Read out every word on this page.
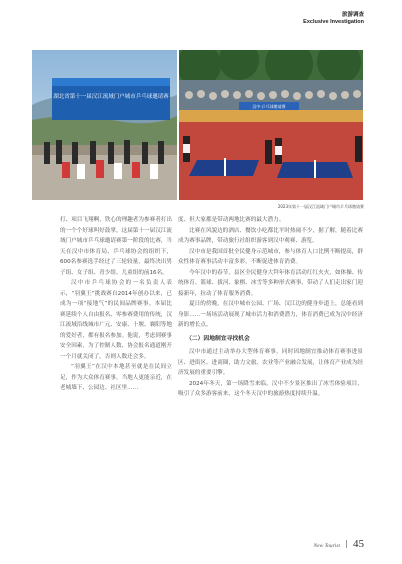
旅游调查
Exclusive Investigation
湖北省第十一届汉江流域门户城市乒乓球邀请赛
汉中·乒乓球邀请赛
2023年第十一届汉江流域门户城市乒乓球邀请赛

打、项目飞翔啊，铁心的理趣者为参赛者打出的一个个好球叫好鼓掌。这届第十一届汉江流域门户城市乒乓球邀请赛第一阶段的比赛，当天在汉中市体育局、乒乓球协会的组织下，600名参赛选手经过了三轮较量，最终决出男子组、女子组、青少组、儿童组的前16名。

汉中市乒乓球协会的一名负责人表示，“羽翼王”挑战赛自2014年创办以来，已成为一项“接地气”的民间品牌赛事。本届比赛延续个人自由报名、零参赛费用的传统，汉江流域沿线城市广元、安康、十堰、襄阳等地的爱好者，都有报名参加。他说，考虑到赛事安全因素，为了控制人数，协会报名通道刚开一个月就关闭了，否则人数还会多。

“羽翼王”在汉中本地甚至就是在民间立足，作为大众体育赛事，当地人更能亲近，在老城墙下、公园边、社区里……

度、但大家都是带动两地比赛的最大潜力。

比赛在风貌边的酒店、餐饮小吃都比平时热闹不少，据了解，随着比赛成为赛事品牌，带动旅行社组织游客到汉中观赛、游览。

汉中市是我国首批全民健身示范城市，参与体育人口比例不断提高，群众性体育赛事活动丰富多彩，不断促进体育消费。

今年汉中的春节，县区全民健身大拜年体育活动红红火火，如体操、传统体育、篮球、拔河、象棋、冰雪等多种形式赛事，带动了人们走出家门迎接新年，拉动了体育服务消费。

夏日的傍晚，在汉中城市公园、广场、汉江边的健身步道上，总能看到身影……一场场活动展现了城市活力和消费潜力，体育消费已成为汉中经济新的增长点。

（二）因地制宜寻找机会

汉中市通过主动举办大型体育赛事，同时因地制宜推动体育赛事进景区、进街区、进商圈，助力文旅、农业等产业融合发展，让体育产业成为经济发展的重要引擎。

2024年冬天，第一场降雪来临，汉中不少景区推出了冰雪体验项目，吸引了众多游客前来，这个冬天汉中的旅游热度持续升温。

New Tourist 45
